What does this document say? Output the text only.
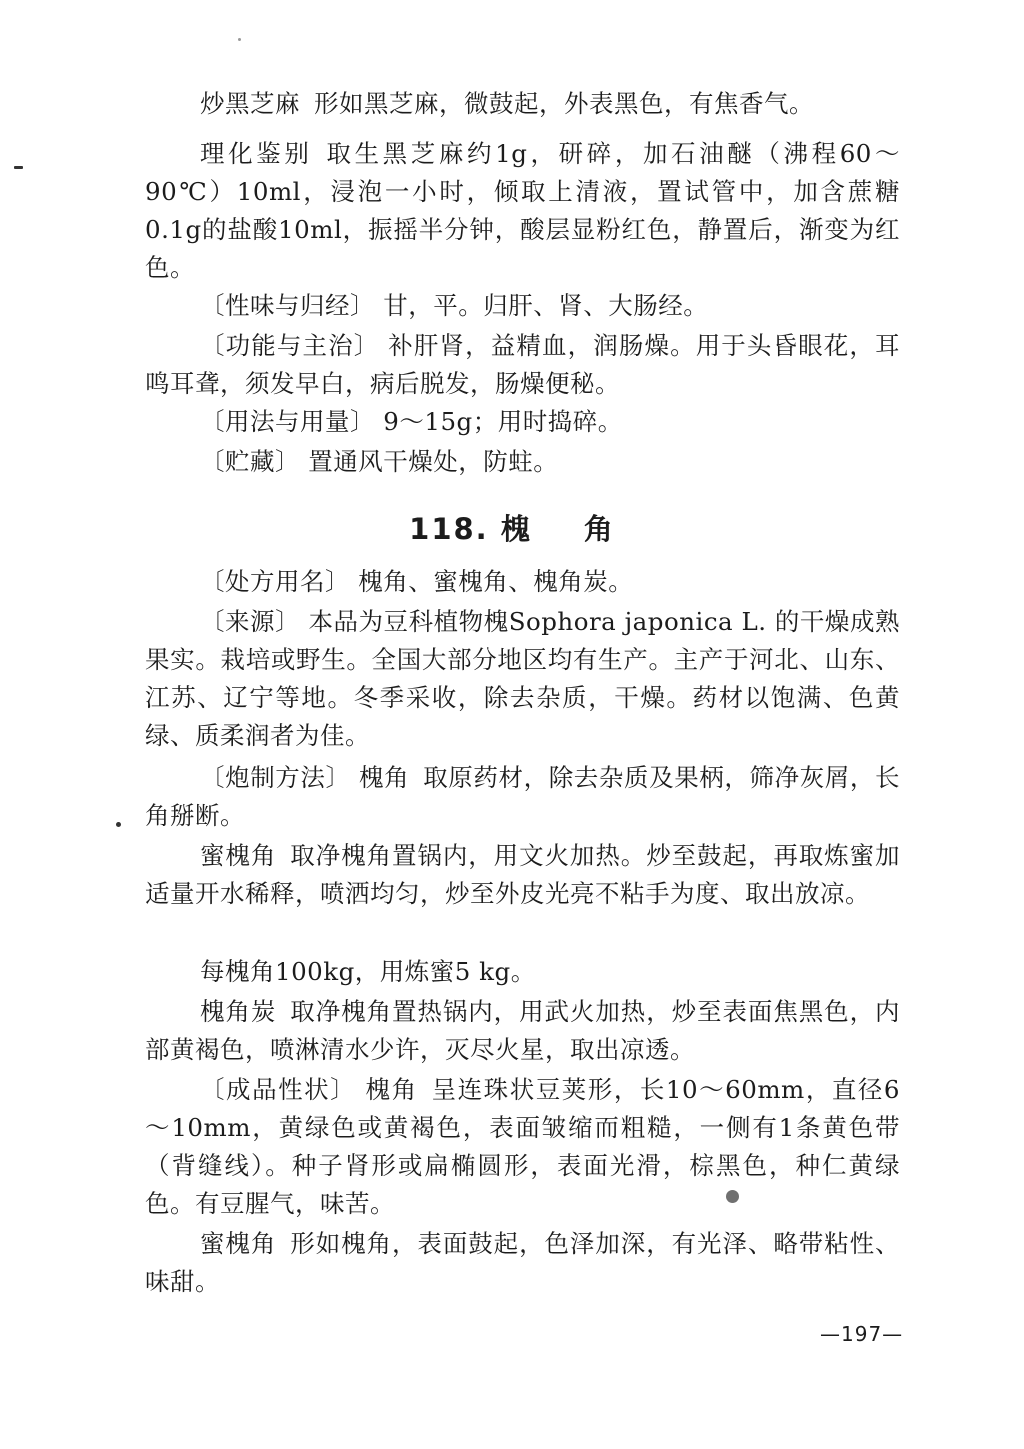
炒黑芝麻 形如黑芝麻，微鼓起，外表黑色，有焦香气。

理化鉴别 取生黑芝麻约1g，研碎，加石油醚（沸程60～90℃）10ml，浸泡一小时，倾取上清液，置试管中，加含蔗糖0.1g的盐酸10ml，振摇半分钟，酸层显粉红色，静置后，渐变为红色。

〔性味与归经〕 甘，平。归肝、肾、大肠经。

〔功能与主治〕 补肝肾，益精血，润肠燥。用于头昏眼花，耳鸣耳聋，须发早白，病后脱发，肠燥便秘。

〔用法与用量〕 9～15g；用时捣碎。

〔贮藏〕 置通风干燥处，防蛀。

118. 槐 角

〔处方用名〕 槐角、蜜槐角、槐角炭。

〔来源〕 本品为豆科植物槐Sophora japonica L. 的干燥成熟果实。栽培或野生。全国大部分地区均有生产。主产于河北、山东、江苏、辽宁等地。冬季采收，除去杂质，干燥。药材以饱满、色黄绿、质柔润者为佳。

〔炮制方法〕 槐角 取原药材，除去杂质及果柄，筛净灰屑，长角掰断。

蜜槐角 取净槐角置锅内，用文火加热。炒至鼓起，再取炼蜜加适量开水稀释，喷洒均匀，炒至外皮光亮不粘手为度、取出放凉。

每槐角100kg，用炼蜜5 kg。

槐角炭 取净槐角置热锅内，用武火加热，炒至表面焦黑色，内部黄褐色，喷淋清水少许，灭尽火星，取出凉透。

〔成品性状〕 槐角 呈连珠状豆荚形，长10～60mm，直径6～10mm，黄绿色或黄褐色，表面皱缩而粗糙，一侧有1条黄色带（背缝线）。种子肾形或扁椭圆形，表面光滑，棕黑色，种仁黄绿色。有豆腥气，味苦。

蜜槐角 形如槐角，表面鼓起，色泽加深，有光泽、略带粘性、味甜。

—197—
